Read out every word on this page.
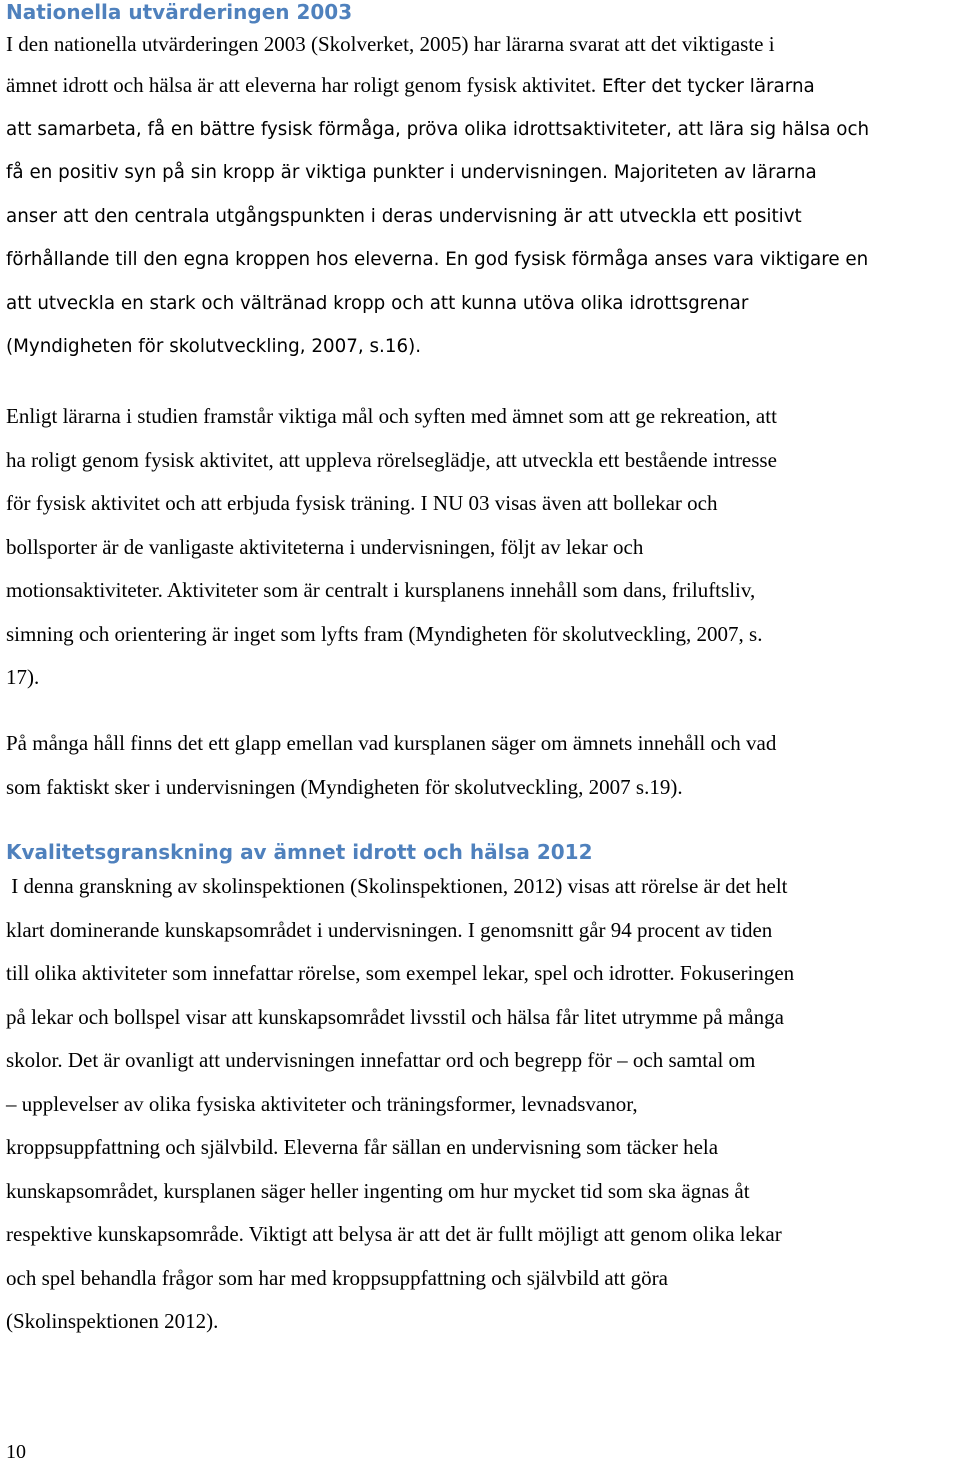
Nationella utvärderingen 2003
I den nationella utvärderingen 2003 (Skolverket, 2005) har lärarna svarat att det viktigaste i
ämnet idrott och hälsa är att eleverna har roligt genom fysisk aktivitet. Efter det tycker lärarna
att samarbeta, få en bättre fysisk förmåga, pröva olika idrottsaktiviteter, att lära sig hälsa och
få en positiv syn på sin kropp är viktiga punkter i undervisningen. Majoriteten av lärarna
anser att den centrala utgångspunkten i deras undervisning är att utveckla ett positivt
förhållande till den egna kroppen hos eleverna. En god fysisk förmåga anses vara viktigare en
att utveckla en stark och vältränad kropp och att kunna utöva olika idrottsgrenar
(Myndigheten för skolutveckling, 2007, s.16).
Enligt lärarna i studien framstår viktiga mål och syften med ämnet som att ge rekreation, att
ha roligt genom fysisk aktivitet, att uppleva rörelseglädje, att utveckla ett bestående intresse
för fysisk aktivitet och att erbjuda fysisk träning. I NU 03 visas även att bollekar och
bollsporter är de vanligaste aktiviteterna i undervisningen, följt av lekar och
motionsaktiviteter. Aktiviteter som är centralt i kursplanens innehåll som dans, friluftsliv,
simning och orientering är inget som lyfts fram (Myndigheten för skolutveckling, 2007, s.
17).
På många håll finns det ett glapp emellan vad kursplanen säger om ämnets innehåll och vad
som faktiskt sker i undervisningen (Myndigheten för skolutveckling, 2007 s.19).
Kvalitetsgranskning av ämnet idrott och hälsa 2012
I denna granskning av skolinspektionen (Skolinspektionen, 2012) visas att rörelse är det helt
klart dominerande kunskapsområdet i undervisningen. I genomsnitt går 94 procent av tiden
till olika aktiviteter som innefattar rörelse, som exempel lekar, spel och idrotter. Fokuseringen
på lekar och bollspel visar att kunskapsområdet livsstil och hälsa får litet utrymme på många
skolor. Det är ovanligt att undervisningen innefattar ord och begrepp för – och samtal om
– upplevelser av olika fysiska aktiviteter och träningsformer, levnadsvanor,
kroppsuppfattning och självbild. Eleverna får sällan en undervisning som täcker hela
kunskapsområdet, kursplanen säger heller ingenting om hur mycket tid som ska ägnas åt
respektive kunskapsområde. Viktigt att belysa är att det är fullt möjligt att genom olika lekar
och spel behandla frågor som har med kroppsuppfattning och självbild att göra
(Skolinspektionen 2012).
10
